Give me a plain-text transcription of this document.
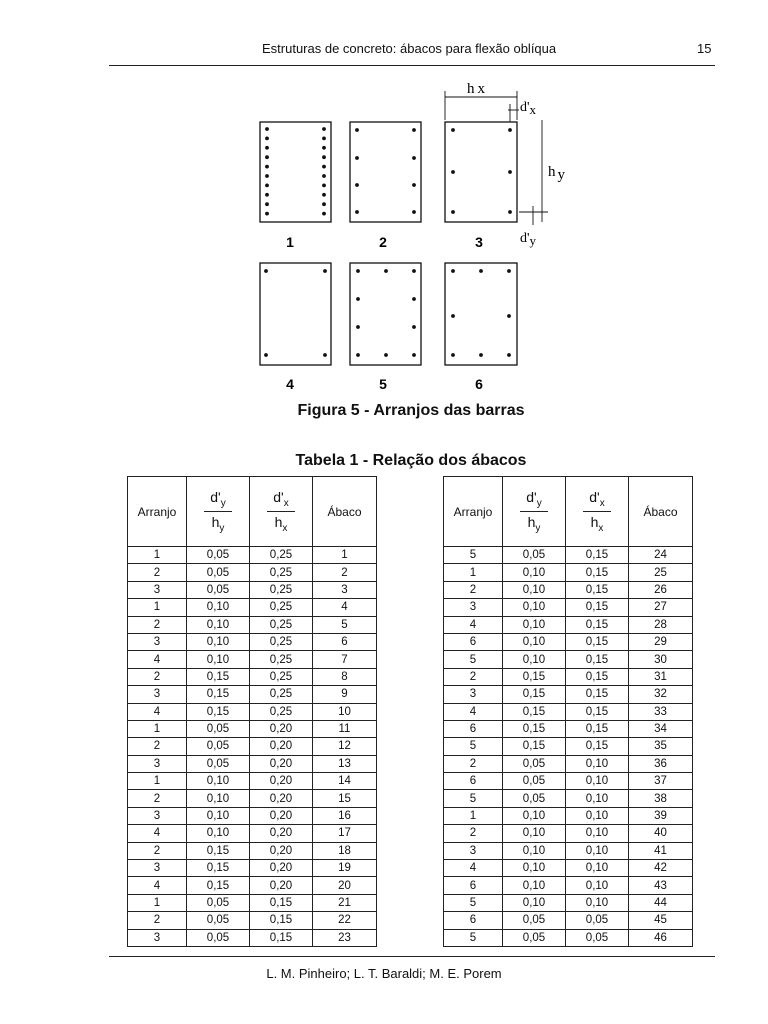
Estruturas de concreto: ábacos para flexão oblíqua	15
h x
d'x
h y
d'y
1	2	3
4	5	6
Figura 5 - Arranjos das barras
Tabela 1 - Relação dos ábacos
Arranjo	$\frac{d'_y}{h_y}$	$\frac{d'_x}{h_x}$	Ábaco
1	0,05	0,25	1
2	0,05	0,25	2
3	0,05	0,25	3
1	0,10	0,25	4
2	0,10	0,25	5
3	0,10	0,25	6
4	0,10	0,25	7
2	0,15	0,25	8
3	0,15	0,25	9
4	0,15	0,25	10
1	0,05	0,20	11
2	0,05	0,20	12
3	0,05	0,20	13
1	0,10	0,20	14
2	0,10	0,20	15
3	0,10	0,20	16
4	0,10	0,20	17
2	0,15	0,20	18
3	0,15	0,20	19
4	0,15	0,20	20
1	0,05	0,15	21
2	0,05	0,15	22
3	0,05	0,15	23
Arranjo	$\frac{d'_y}{h_y}$	$\frac{d'_x}{h_x}$	Ábaco
5	0,05	0,15	24
1	0,10	0,15	25
2	0,10	0,15	26
3	0,10	0,15	27
4	0,10	0,15	28
6	0,10	0,15	29
5	0,10	0,15	30
2	0,15	0,15	31
3	0,15	0,15	32
4	0,15	0,15	33
6	0,15	0,15	34
5	0,15	0,15	35
2	0,05	0,10	36
6	0,05	0,10	37
5	0,05	0,10	38
1	0,10	0,10	39
2	0,10	0,10	40
3	0,10	0,10	41
4	0,10	0,10	42
6	0,10	0,10	43
5	0,10	0,10	44
6	0,05	0,05	45
5	0,05	0,05	46
L. M. Pinheiro; L. T. Baraldi; M. E. Porem
